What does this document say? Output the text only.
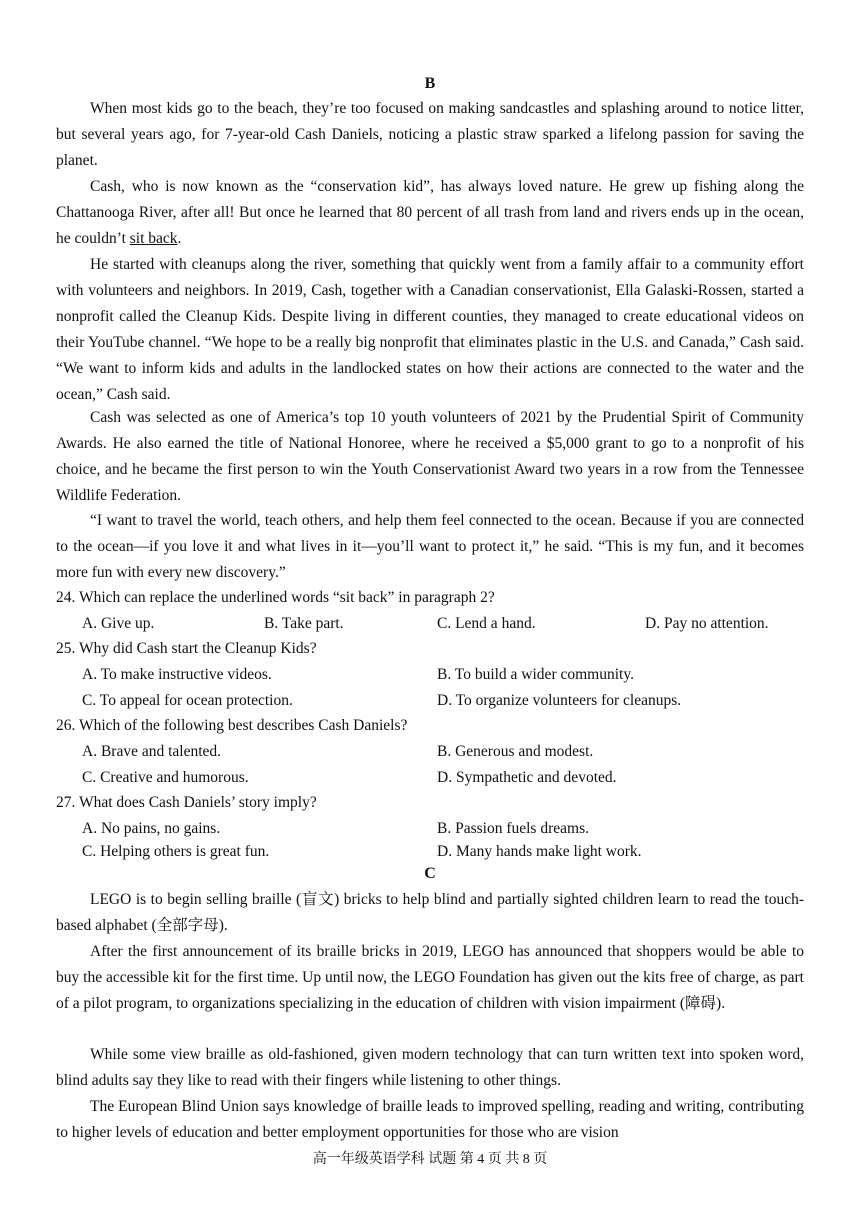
B

When most kids go to the beach, they’re too focused on making sandcastles and splashing around to notice litter, but several years ago, for 7-year-old Cash Daniels, noticing a plastic straw sparked a lifelong passion for saving the planet.

Cash, who is now known as the “conservation kid”, has always loved nature. He grew up fishing along the Chattanooga River, after all! But once he learned that 80 percent of all trash from land and rivers ends up in the ocean, he couldn’t sit back.

He started with cleanups along the river, something that quickly went from a family affair to a community effort with volunteers and neighbors. In 2019, Cash, together with a Canadian conservationist, Ella Galaski-Rossen, started a nonprofit called the Cleanup Kids. Despite living in different counties, they managed to create educational videos on their YouTube channel. “We hope to be a really big nonprofit that eliminates plastic in the U.S. and Canada,” Cash said. “We want to inform kids and adults in the landlocked states on how their actions are connected to the water and the ocean,” Cash said.

Cash was selected as one of America’s top 10 youth volunteers of 2021 by the Prudential Spirit of Community Awards. He also earned the title of National Honoree, where he received a $5,000 grant to go to a nonprofit of his choice, and he became the first person to win the Youth Conservationist Award two years in a row from the Tennessee Wildlife Federation.

“I want to travel the world, teach others, and help them feel connected to the ocean. Because if you are connected to the ocean—if you love it and what lives in it—you’ll want to protect it,” he said. “This is my fun, and it becomes more fun with every new discovery.”

24. Which can replace the underlined words “sit back” in paragraph 2?
A. Give up.	B. Take part.	C. Lend a hand.	D. Pay no attention.
25. Why did Cash start the Cleanup Kids?
A. To make instructive videos.	B. To build a wider community.
C. To appeal for ocean protection.	D. To organize volunteers for cleanups.
26. Which of the following best describes Cash Daniels?
A. Brave and talented.	B. Generous and modest.
C. Creative and humorous.	D. Sympathetic and devoted.
27. What does Cash Daniels’ story imply?
A. No pains, no gains.	B. Passion fuels dreams.
C. Helping others is great fun.	D. Many hands make light work.
C

LEGO is to begin selling braille (盲文) bricks to help blind and partially sighted children learn to read the touch-based alphabet (全部字母).

After the first announcement of its braille bricks in 2019, LEGO has announced that shoppers would be able to buy the accessible kit for the first time. Up until now, the LEGO Foundation has given out the kits free of charge, as part of a pilot program, to organizations specializing in the education of children with vision impairment (障碍).

While some view braille as old-fashioned, given modern technology that can turn written text into spoken word, blind adults say they like to read with their fingers while listening to other things.

The European Blind Union says knowledge of braille leads to improved spelling, reading and writing, contributing to higher levels of education and better employment opportunities for those who are vision

高一年级英语学科 试题 第 4 页 共 8 页
